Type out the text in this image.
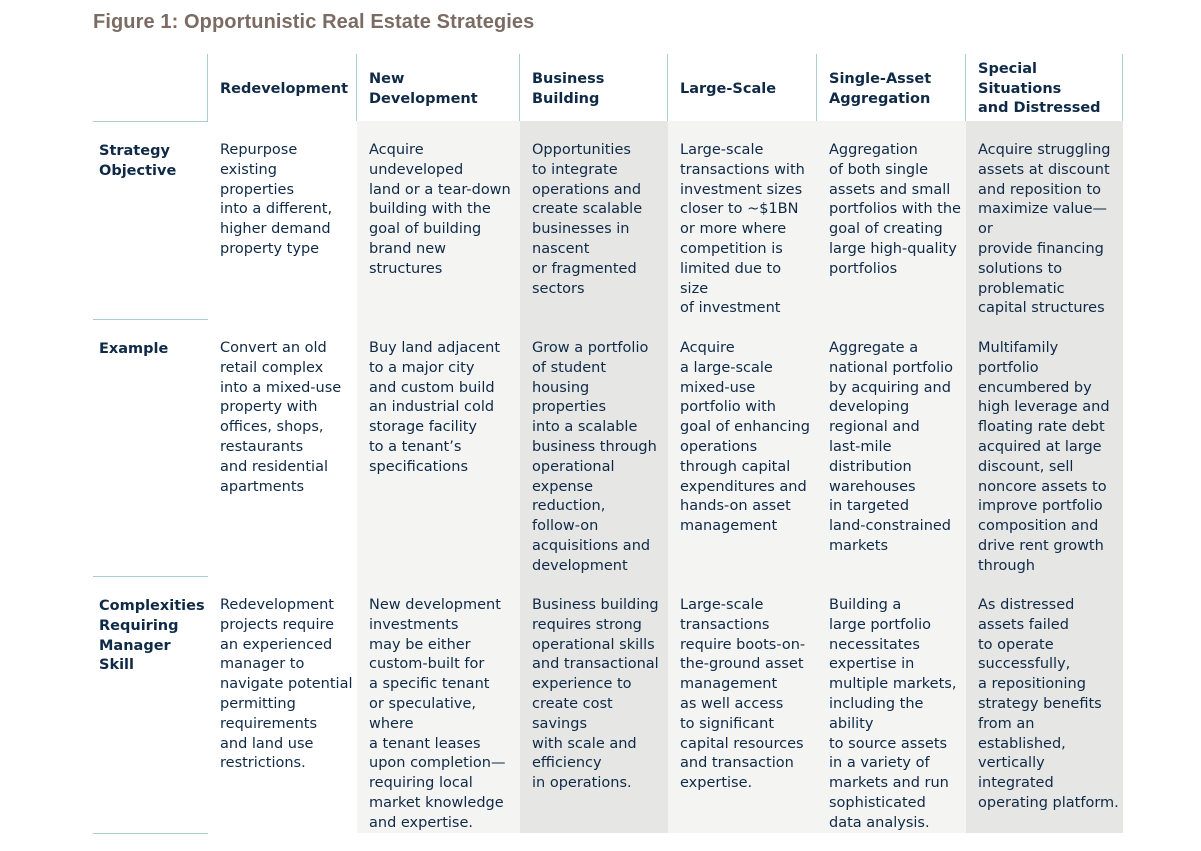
Figure 1: Opportunistic Real Estate Strategies
Redevelopment
New Development
Business Building
Large-Scale
Single-Asset
Aggregation
Special Situations
and Distressed
Strategy
Objective
Repurpose
existing properties
into a different,
higher demand
property type
Acquire undeveloped
land or a tear-down
building with the
goal of building
brand new
structures
Opportunities
to integrate
operations and
create scalable
businesses in
nascent
or fragmented
sectors
Large-scale
transactions with
investment sizes
closer to ~$1BN
or more where
competition is
limited due to size
of investment
Aggregation
of both single
assets and small
portfolios with the
goal of creating
large high-quality
portfolios
Acquire struggling
assets at discount
and reposition to
maximize value—or
provide financing
solutions to
problematic
capital structures
Example	Convert an old
retail complex
into a mixed-use
property with
offices, shops,
restaurants
and residential
apartments
Buy land adjacent
to a major city
and custom build
an industrial cold
storage facility
to a tenant’s
specifications
Grow a portfolio
of student housing
properties
into a scalable
business through
operational
expense reduction,
follow-on
acquisitions and
development
Acquire
a large-scale
mixed-use
portfolio with
goal of enhancing
operations
through capital
expenditures and
hands-on asset
management
Aggregate a
national portfolio
by acquiring and
developing
regional and
last-mile
distribution
warehouses
in targeted
land-constrained
markets
Multifamily portfolio
encumbered by
high leverage and
floating rate debt
acquired at large
discount, sell
noncore assets to
improve portfolio
composition and
drive rent growth
through
Complexities
Requiring
Manager
Skill
Redevelopment
projects require
an experienced
manager to
navigate potential
permitting
requirements
and land use
restrictions.
New development
investments
may be either
custom-built for
a specific tenant
or speculative, where
a tenant leases
upon completion—
requiring local
market knowledge
and expertise.
Business building
requires strong
operational skills
and transactional
experience to
create cost savings
with scale and
efficiency
in operations.
Large-scale
transactions
require boots-on-
the-ground asset
management
as well access
to significant
capital resources
and transaction
expertise.
Building a
large portfolio
necessitates
expertise in
multiple markets,
including the ability
to source assets
in a variety of
markets and run
sophisticated
data analysis.
As distressed
assets failed
to operate
successfully,
a repositioning
strategy benefits
from an established,
vertically integrated
operating platform.
